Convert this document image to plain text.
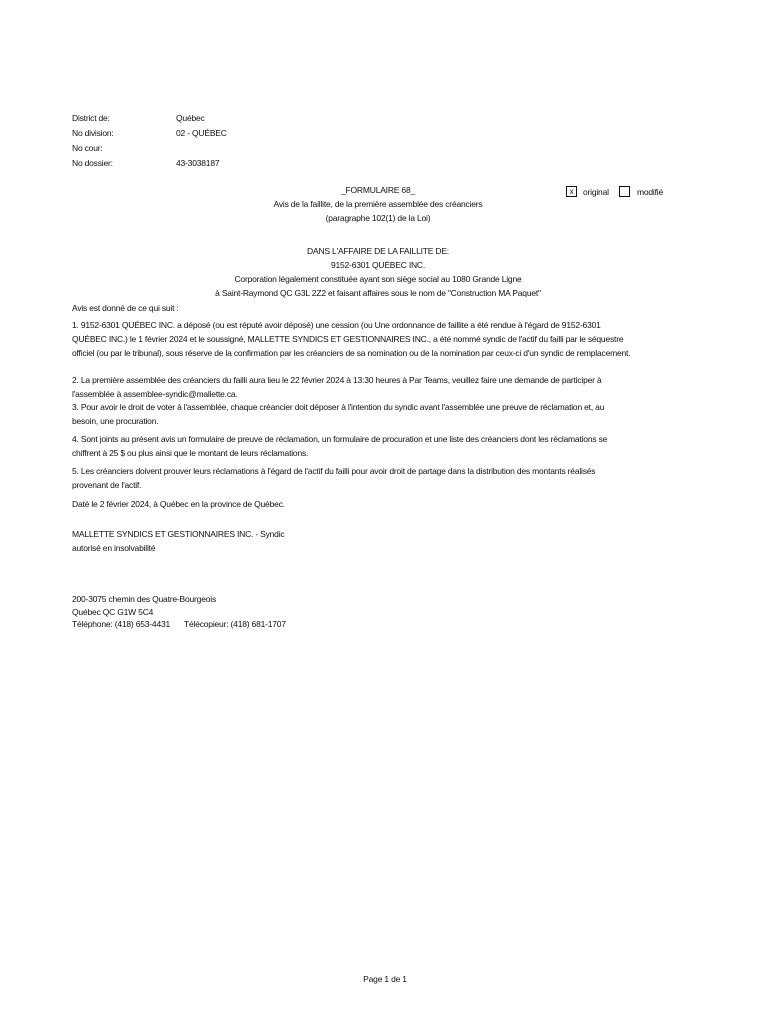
District de:	Québec
No division:	02 - QUÉBEC
No cour:
No dossier:	43-3038187
_FORMULAIRE 68_
Avis de la faillite, de la première assemblée des créanciers
(paragraphe 102(1) de la Loi)
x	original	modifié
DANS L'AFFAIRE DE LA FAILLITE DE:
9152-6301 QUÉBEC INC.
Corporation légalement constituée ayant son siège social au 1080 Grande Ligne
à Saint-Raymond QC G3L 2Z2 et faisant affaires sous le nom de "Construction MA Paquet"
Avis est donné de ce qui suit :
1. 9152-6301 QUÉBEC INC. a déposé (ou est réputé avoir déposé) une cession (ou Une ordonnance de faillite a été rendue à l'égard de 9152-6301 QUÉBEC INC.) le 1 février 2024 et le soussigné, MALLETTE SYNDICS ET GESTIONNAIRES INC., a été nommé syndic de l'actif du failli par le séquestre officiel (ou par le tribunal), sous réserve de la confirmation par les créanciers de sa nomination ou de la nomination par ceux-ci d'un syndic de remplacement.
2. La première assemblée des créanciers du failli aura lieu le 22 février 2024 à 13:30 heures à Par Teams, veuillez faire une demande de participer à l'assemblée à assemblee-syndic@mallette.ca.
3. Pour avoir le droit de voter à l'assemblée, chaque créancier doit déposer à l'intention du syndic avant l'assemblée une preuve de réclamation et, au besoin, une procuration.
4. Sont joints au présent avis un formulaire de preuve de réclamation, un formulaire de procuration et une liste des créanciers dont les réclamations se chiffrent à 25 $ ou plus ainsi que le montant de leurs réclamations.
5. Les créanciers doivent prouver leurs réclamations à l'égard de l'actif du failli pour avoir droit de partage dans la distribution des montants réalisés provenant de l'actif.
Daté le 2 février 2024, à Québec en la province de Québec.
MALLETTE SYNDICS ET GESTIONNAIRES INC. - Syndic
autorisé en insolvabilité
200-3075 chemin des Quatre-Bourgeois
Québec QC G1W 5C4
Téléphone: (418) 653-4431 Télécopieur: (418) 681-1707
Page 1 de 1
